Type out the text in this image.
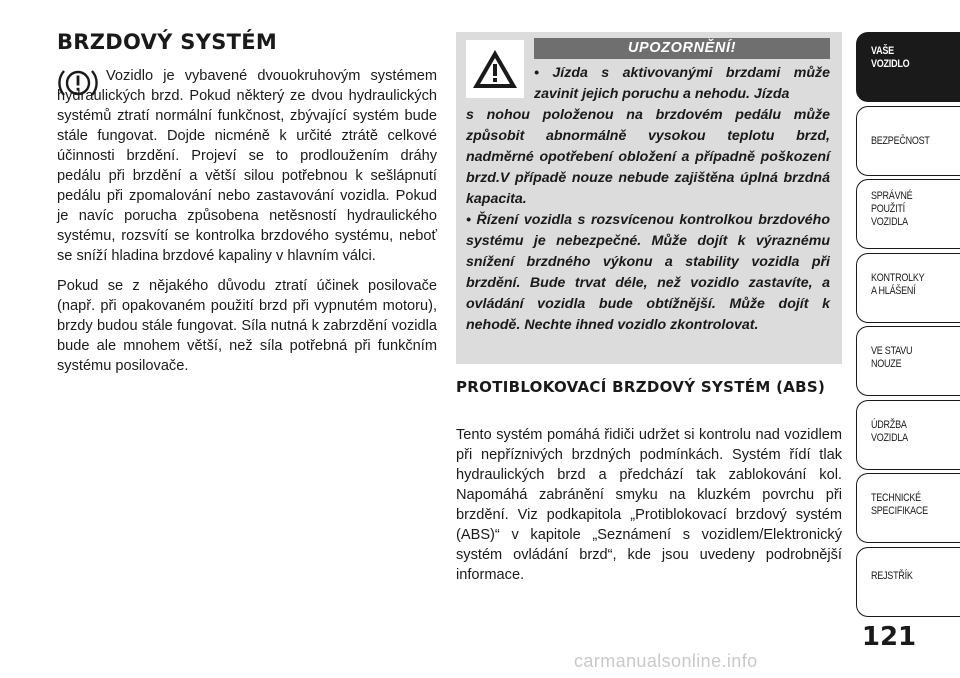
BRZDOVÝ SYSTÉM

Vozidlo je vybavené dvouokruhovým systémem hydraulických brzd. Pokud některý ze dvou hydraulických systémů ztratí normální funkčnost, zbývající systém bude stále fungovat. Dojde nicméně k určité ztrátě celkové účinnosti brzdění. Projeví se to prodloužením dráhy pedálu při brzdění a větší silou potřebnou k sešlápnutí pedálu při zpomalování nebo zastavování vozidla. Pokud je navíc porucha způsobena netěsností hydraulického systému, rozsvítí se kontrolka brzdového systému, neboť se sníží hladina brzdové kapaliny v hlavním válci.

Pokud se z nějakého důvodu ztratí účinek posilovače (např. při opakovaném použití brzd při vypnutém motoru), brzdy budou stále fungovat. Síla nutná k zabrzdění vozidla bude ale mnohem větší, než síla potřebná při funkčním systému posilovače.

UPOZORNĚNÍ!
• Jízda s aktivovanými brzdami může zavinit jejich poruchu a nehodu. Jízda
s nohou položenou na brzdovém pedálu může způsobit abnormálně vysokou teplotu brzd, nadměrné opotřebení obložení a případně poškození brzd.V případě nouze nebude zajištěna úplná brzdná kapacita.
• Řízení vozidla s rozsvícenou kontrolkou brzdového systému je nebezpečné. Může dojít k výraznému snížení brzdného výkonu a stability vozidla při brzdění. Bude trvat déle, než vozidlo zastavíte, a ovládání vozidla bude obtížnější. Může dojít k nehodě. Nechte ihned vozidlo zkontrolovat.
PROTIBLOKOVACÍ BRZDOVÝ SYSTÉM (ABS)

Tento systém pomáhá řidiči udržet si kontrolu nad vozidlem při nepříznivých brzdných podmínkách. Systém řídí tlak hydraulických brzd a předchází tak zablokování kol. Napomáhá zabránění smyku na kluzkém povrchu při brzdění. Viz podkapitola „Protiblokovací brzdový systém (ABS)“ v kapitole „Seznámení s vozidlem/Elektronický systém ovládání brzd“, kde jsou uvedeny podrobnější informace.

VAŠE
VOZIDLO
BEZPEČNOST
SPRÁVNÉ
POUŽITÍ
VOZIDLA
KONTROLKY
A HLÁŠENÍ
VE STAVU
NOUZE
ÚDRŽBA
VOZIDLA
TECHNICKÉ
SPECIFIKACE
REJSTŘÍK
121
carmanualsonline.info
